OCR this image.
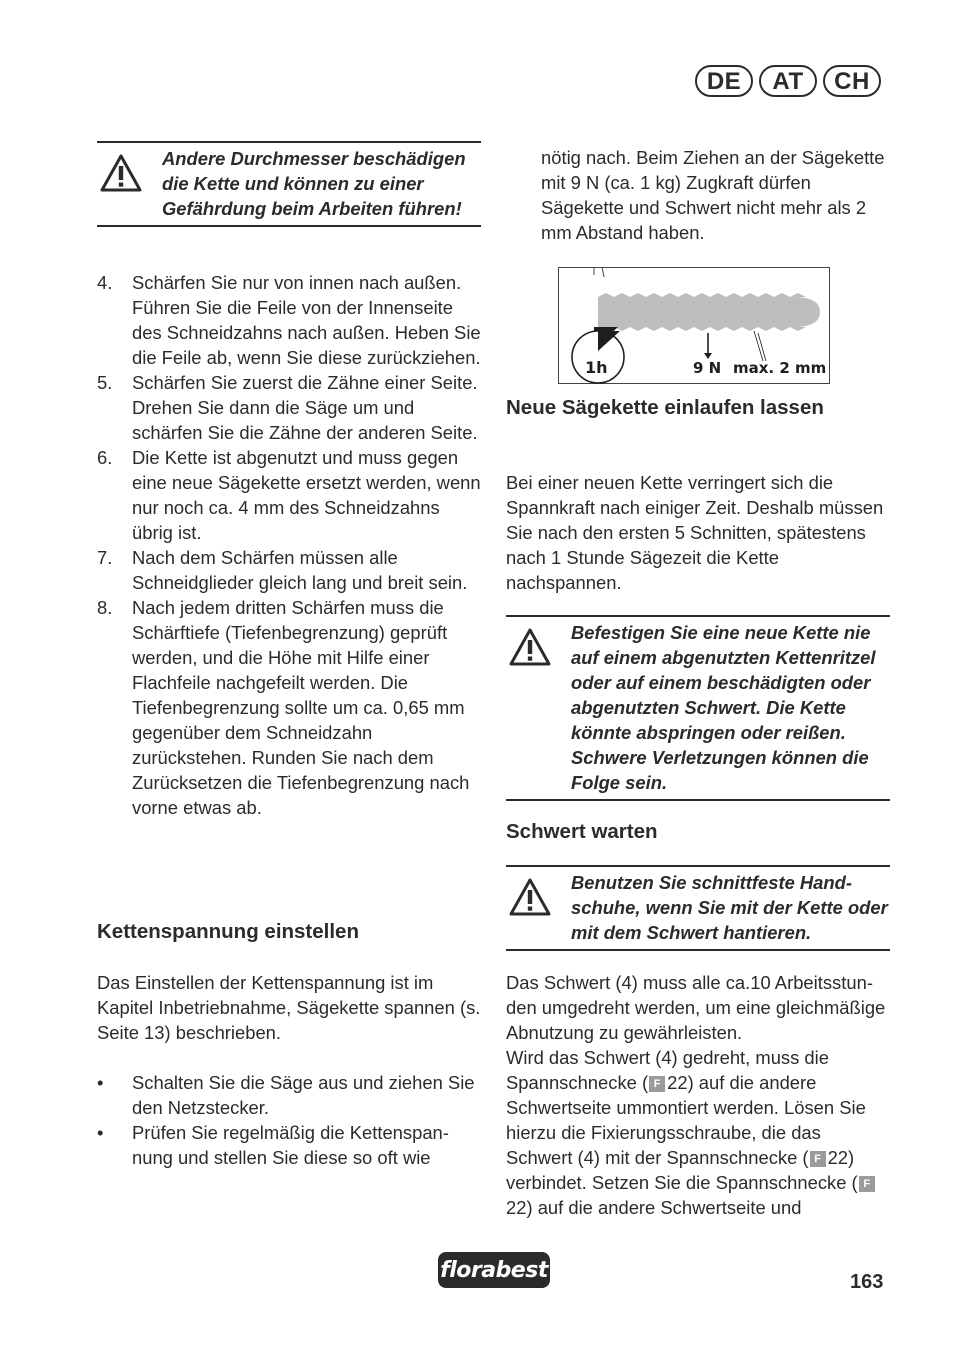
DE	AT	CH

Andere Durchmesser beschädigen die Kette und können zu einer Gefährdung beim Arbeiten führen!

4. Schärfen Sie nur von innen nach außen. Führen Sie die Feile von der Innenseite des Schneidzahns nach außen. Heben Sie die Feile ab, wenn Sie diese zurückziehen.
5. Schärfen Sie zuerst die Zähne einer Seite. Drehen Sie dann die Säge um und schärfen Sie die Zähne der anderen Seite.
6. Die Kette ist abgenutzt und muss gegen eine neue Sägekette ersetzt werden, wenn nur noch ca. 4 mm des Schneidzahns übrig ist.
7. Nach dem Schärfen müssen alle Schneidglieder gleich lang und breit sein.
8. Nach jedem dritten Schärfen muss die Schärftiefe (Tiefenbegrenzung) geprüft werden, und die Höhe mit Hilfe einer Flachfeile nachgefeilt werden. Die Tiefenbegrenzung sollte um ca. 0,65 mm gegenüber dem Schneidzahn zurückstehen. Runden Sie nach dem Zurücksetzen die Tiefenbegrenzung nach vorne etwas ab.
Kettenspannung einstellen

Das Einstellen der Kettenspannung ist im Kapitel Inbetriebnahme, Sägekette spannen (s. Seite 13) beschrieben.

• Schalten Sie die Säge aus und ziehen Sie den Netzstecker.
• Prüfen Sie regelmäßig die Kettenspannung und stellen Sie diese so oft wie

nötig nach. Beim Ziehen an der Sägekette mit 9 N (ca. 1 kg) Zugkraft dürfen Sägekette und Schwert nicht mehr als 2 mm Abstand haben.

1h	9 N max. 2 mm
Neue Sägekette einlaufen lassen

Bei einer neuen Kette verringert sich die Spannkraft nach einiger Zeit. Deshalb müssen Sie nach den ersten 5 Schnitten, spätestens nach 1 Stunde Sägezeit die Kette nachspannen.

Befestigen Sie eine neue Kette nie auf einem abgenutzten Kettenritzel oder auf einem beschädigten oder abgenutzten Schwert. Die Kette könnte abspringen oder reißen. Schwere Verletzungen können die Folge sein.

Schwert warten

Benutzen Sie schnittfeste Handschuhe, wenn Sie mit der Kette oder mit dem Schwert hantieren.

Das Schwert (4) muss alle ca.10 Arbeitsstunden umgedreht werden, um eine gleichmäßige Abnutzung zu gewährleisten.

Wird das Schwert (4) gedreht, muss die Spannschnecke ( F 22) auf die andere Schwertseite ummontiert werden. Lösen Sie hierzu die Fixierungsschraube, die das Schwert (4) mit der Spannschnecke ( F 22) verbindet. Setzen Sie die Spannschnecke ( F22) auf die andere Schwertseite und

florabest	163
